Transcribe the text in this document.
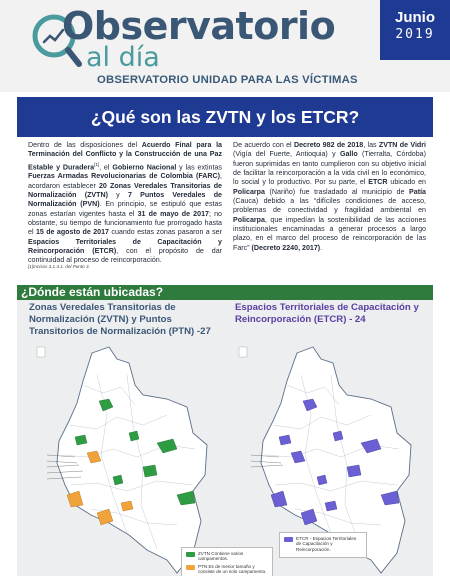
Observatorio
al día
OBSERVATORIO UNIDAD PARA LAS VÍCTIMAS
Junio
2019
¿Qué son las ZVTN y los ETCR?
Dentro de las disposiciones del Acuerdo Final para la Terminación del Conflicto y la Construcción de una Paz Estable y Duradera[1], el Gobierno Nacional y las extintas Fuerzas Armadas Revolucionarias de Colombia (FARC), acordaron establecer 20 Zonas Veredales Transitorias de Normalización (ZVTN) y 7 Puntos Veredales de Normalización (PVN). En principio, se estipuló que estas zonas estarían vigentes hasta el 31 de mayo de 2017; no obstante, su tiempo de funcionamiento fue prorrogado hasta el 15 de agosto de 2017 cuando estas zonas pasaron a ser Espacios Territoriales de Capacitación y Reincorporación (ETCR), con el propósito de dar continuidad al proceso de reincorporación.
De acuerdo con el Decreto 982 de 2018, las ZVTN de Vidri (Vigía del Fuerte, Antioquia) y Gallo (Tierralta, Córdoba) fueron suprimidas en tanto cumplieron con su objetivo inicial de facilitar la reincorporación a la vida civil en lo económico, lo social y lo productivo. Por su parte, el ETCR ubicado en Policarpa (Nariño) fue trasladado al municipio de Patía (Cauca) debido a las “difíciles condiciones de acceso, problemas de conectividad y fragilidad ambiental en Policarpa, que impedían la sostenibilidad de las acciones institucionales encaminadas a generar procesos a largo plazo, en el marco del proceso de reincorporación de las Farc” (Decreto 2240, 2017).
[1]Incisos 3.1.4.1. del Punto 3.
¿Dónde están ubicadas?
Zonas Veredales Transitorias de Normalización (ZVTN) y Puntos Transitorios de Normalización (PTN) -27
Espacios Territoriales de Capacitación y Reincorporación (ETCR) - 24
ETCR - Espacios Territoriales de Capacitación y Reincorporación.
ZVTN Contiene varios campamentos.
PTN Es de menor tamaño y consiste de un solo campamento.
